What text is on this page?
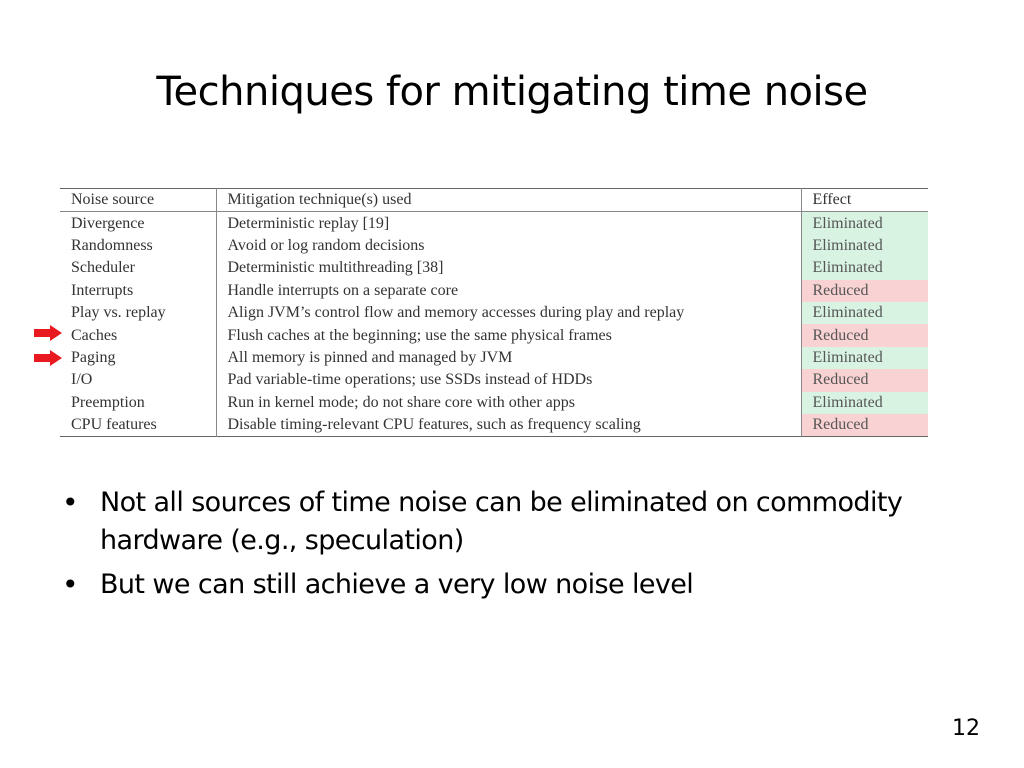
Techniques for mitigating time noise
Noise source	Mitigation technique(s) used	Effect
Divergence	Deterministic replay [19]	Eliminated
Randomness	Avoid or log random decisions	Eliminated
Scheduler	Deterministic multithreading [38]	Eliminated
Interrupts	Handle interrupts on a separate core	Reduced
Play vs. replay	Align JVM’s control flow and memory accesses during play and replay	Eliminated
Caches	Flush caches at the beginning; use the same physical frames	Reduced
Paging	All memory is pinned and managed by JVM	Eliminated
I/O	Pad variable-time operations; use SSDs instead of HDDs	Reduced
Preemption	Run in kernel mode; do not share core with other apps	Eliminated
CPU features	Disable timing-relevant CPU features, such as frequency scaling	Reduced
• Not all sources of time noise can be eliminated on commodity hardware (e.g., speculation)
• But we can still achieve a very low noise level
12
